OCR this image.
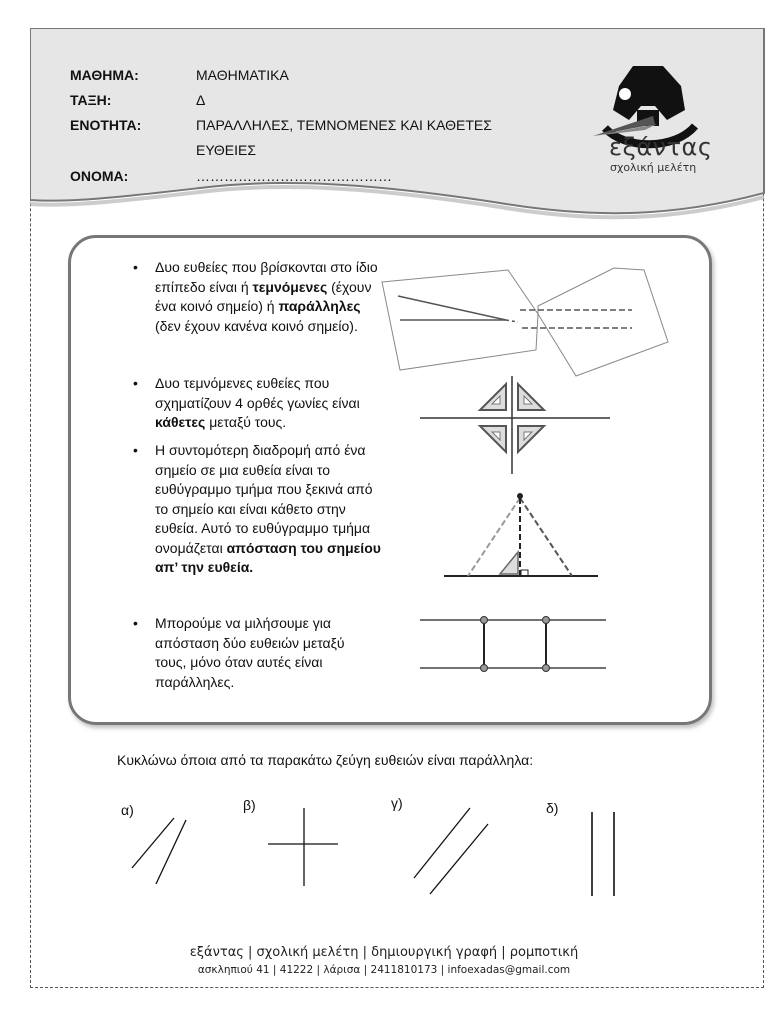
ΜΑΘΗΜΑ:	ΜΑΘΗΜΑΤΙΚΑ
ΤΑΞΗ:	Δ
ΕΝΟΤΗΤΑ:	ΠΑΡΑΛΛΗΛΕΣ, ΤΕΜΝΟΜΕΝΕΣ ΚΑΙ ΚΑΘΕΤΕΣ
ΕΥΘΕΙΕΣ
ΟΝΟΜΑ:	……………………………………
εξάντας
σχολική μελέτη
• Δυο ευθείες που βρίσκονται στο ίδιο επίπεδο είναι ή τεμνόμενες (έχουν ένα κοινό σημείο) ή παράλληλες (δεν έχουν κανένα κοινό σημείο).
• Δυο τεμνόμενες ευθείες που σχηματίζουν 4 ορθές γωνίες είναι κάθετες μεταξύ τους.
• Η συντομότερη διαδρομή από ένα σημείο σε μια ευθεία είναι το ευθύγραμμο τμήμα που ξεκινά από το σημείο και είναι κάθετο στην ευθεία. Αυτό το ευθύγραμμο τμήμα ονομάζεται απόσταση του σημείου απ’ την ευθεία.
• Μπορούμε να μιλήσουμε για απόσταση δύο ευθειών μεταξύ τους, μόνο όταν αυτές είναι παράλληλες.
Κυκλώνω όποια από τα παρακάτω ζεύγη ευθειών είναι παράλληλα:
α)	β)	γ)	δ)
εξάντας | σχολική μελέτη | δημιουργική γραφή | ρομποτική
ασκληπιού 41 | 41222 | λάρισα | 2411810173 | infoexadas@gmail.com
